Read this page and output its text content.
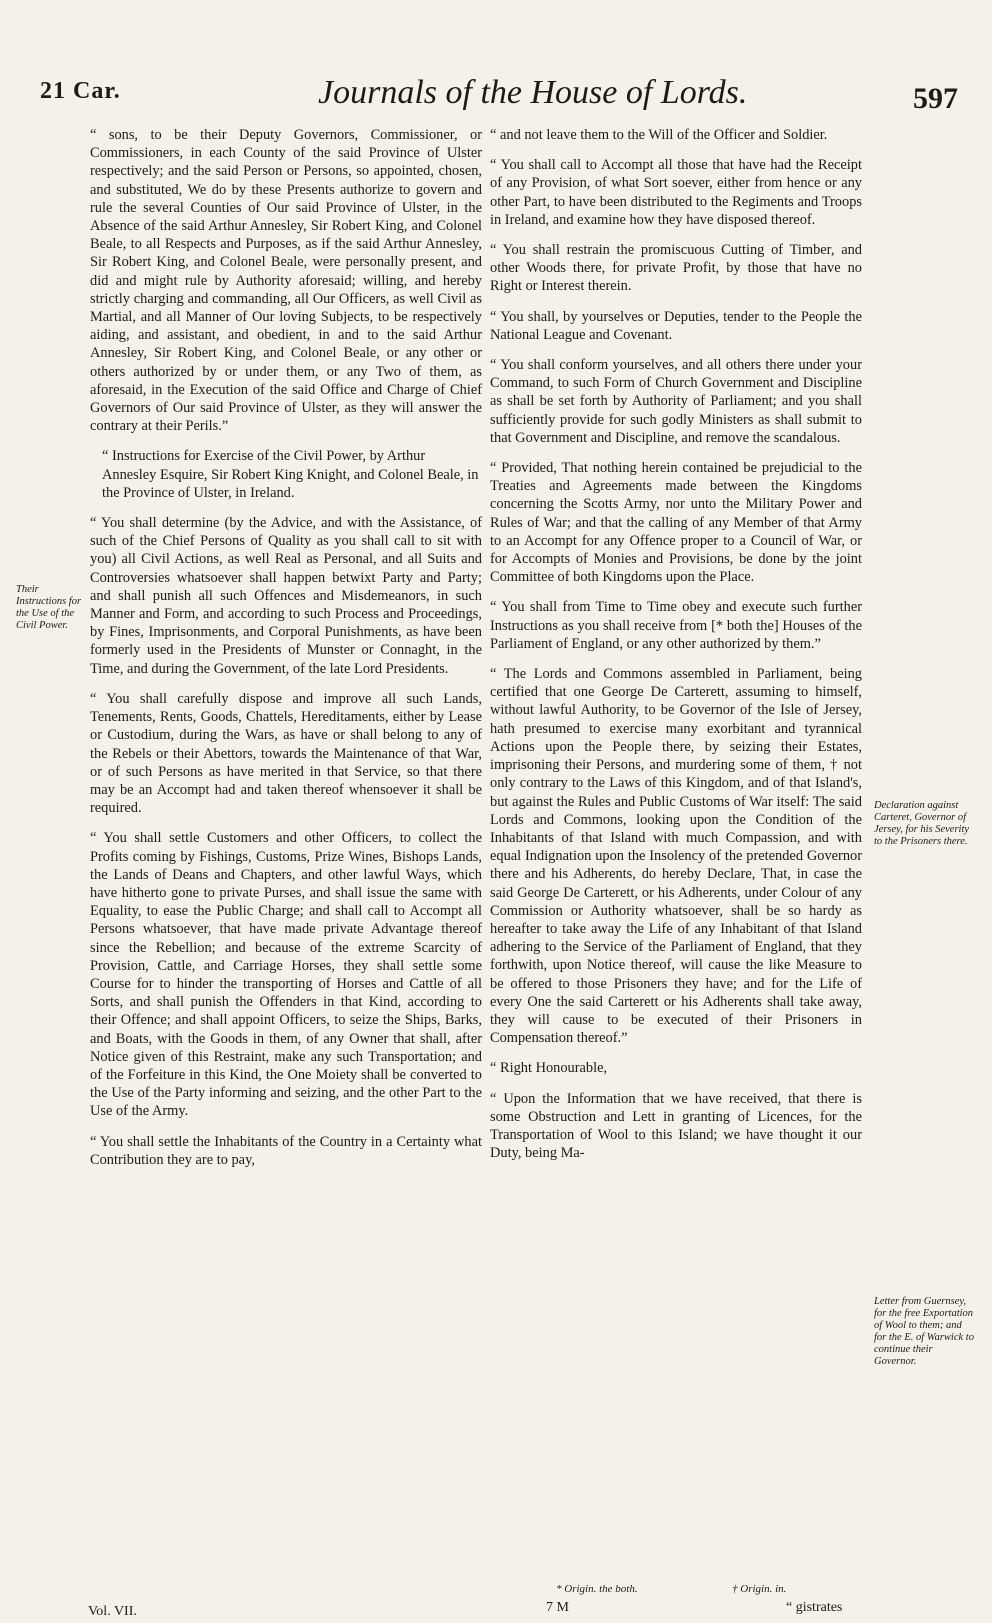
21 Car.	Journals of the House of Lords.	597

“ sons, to be their Deputy Governors, Commissioner, or Commissioners, in each County of the said Province of Ulster respectively; and the said Person or Persons, so appointed, chosen, and substituted, We do by these Presents authorize to govern and rule the several Counties of Our said Province of Ulster, in the Absence of the said Arthur Annesley, Sir Robert King, and Colonel Beale, to all Respects and Purposes, as if the said Arthur Annesley, Sir Robert King, and Colonel Beale, were personally present, and did and might rule by Authority aforesaid; willing, and hereby strictly charging and commanding, all Our Officers, as well Civil as Martial, and all Manner of Our loving Subjects, to be respectively aiding, and assistant, and obedient, in and to the said Arthur Annesley, Sir Robert King, and Colonel Beale, or any other or others authorized by or under them, or any Two of them, as aforesaid, in the Execution of the said Office and Charge of Chief Governors of Our said Province of Ulster, as they will answer the contrary at their Perils.”

“ Instructions for Exercise of the Civil Power, by Arthur Annesley Esquire, Sir Robert King Knight, and Colonel Beale, in the Province of Ulster, in Ireland.

“ You shall determine (by the Advice, and with the Assistance, of such of the Chief Persons of Quality as you shall call to sit with you) all Civil Actions, as well Real as Personal, and all Suits and Controversies whatsoever shall happen betwixt Party and Party; and shall punish all such Offences and Misdemeanors, in such Manner and Form, and according to such Process and Proceedings, by Fines, Imprisonments, and Corporal Punishments, as have been formerly used in the Presidents of Munster or Connaght, in the Time, and during the Government, of the late Lord Presidents.

“ You shall carefully dispose and improve all such Lands, Tenements, Rents, Goods, Chattels, Hereditaments, either by Lease or Custodium, during the Wars, as have or shall belong to any of the Rebels or their Abettors, towards the Maintenance of that War, or of such Persons as have merited in that Service, so that there may be an Accompt had and taken thereof whensoever it shall be required.

“ You shall settle Customers and other Officers, to collect the Profits coming by Fishings, Customs, Prize Wines, Bishops Lands, the Lands of Deans and Chapters, and other lawful Ways, which have hitherto gone to private Purses, and shall issue the same with Equality, to ease the Public Charge; and shall call to Accompt all Persons whatsoever, that have made private Advantage thereof since the Rebellion; and because of the extreme Scarcity of Provision, Cattle, and Carriage Horses, they shall settle some Course for to hinder the transporting of Horses and Cattle of all Sorts, and shall punish the Offenders in that Kind, according to their Offence; and shall appoint Officers, to seize the Ships, Barks, and Boats, with the Goods in them, of any Owner that shall, after Notice given of this Restraint, make any such Transportation; and of the Forfeiture in this Kind, the One Moiety shall be converted to the Use of the Party informing and seizing, and the other Part to the Use of the Army.

“ You shall settle the Inhabitants of the Country in a Certainty what Contribution they are to pay,

“ and not leave them to the Will of the Officer and Soldier.

“ You shall call to Accompt all those that have had the Receipt of any Provision, of what Sort soever, either from hence or any other Part, to have been distributed to the Regiments and Troops in Ireland, and examine how they have disposed thereof.

“ You shall restrain the promiscuous Cutting of Timber, and other Woods there, for private Profit, by those that have no Right or Interest therein.

“ You shall, by yourselves or Deputies, tender to the People the National League and Covenant.

“ You shall conform yourselves, and all others there under your Command, to such Form of Church Government and Discipline as shall be set forth by Authority of Parliament; and you shall sufficiently provide for such godly Ministers as shall submit to that Government and Discipline, and remove the scandalous.

“ Provided, That nothing herein contained be prejudicial to the Treaties and Agreements made between the Kingdoms concerning the Scotts Army, nor unto the Military Power and Rules of War; and that the calling of any Member of that Army to an Accompt for any Offence proper to a Council of War, or for Accompts of Monies and Provisions, be done by the joint Committee of both Kingdoms upon the Place.

“ You shall from Time to Time obey and execute such further Instructions as you shall receive from [* both the] Houses of the Parliament of England, or any other authorized by them.”

“ The Lords and Commons assembled in Parliament, being certified that one George De Carterett, assuming to himself, without lawful Authority, to be Governor of the Isle of Jersey, hath presumed to exercise many exorbitant and tyrannical Actions upon the People there, by seizing their Estates, imprisoning their Persons, and murdering some of them, † not only contrary to the Laws of this Kingdom, and of that Island's, but against the Rules and Public Customs of War itself: The said Lords and Commons, looking upon the Condition of the Inhabitants of that Island with much Compassion, and with equal Indignation upon the Insolency of the pretended Governor there and his Adherents, do hereby Declare, That, in case the said George De Carterett, or his Adherents, under Colour of any Commission or Authority whatsoever, shall be so hardy as hereafter to take away the Life of any Inhabitant of that Island adhering to the Service of the Parliament of England, that they forthwith, upon Notice thereof, will cause the like Measure to be offered to those Prisoners they have; and for the Life of every One the said Carterett or his Adherents shall take away, they will cause to be executed of their Prisoners in Compensation thereof.”

“ Right Honourable,

“ Upon the Information that we have received, that there is some Obstruction and Lett in granting of Licences, for the Transportation of Wool to this Island; we have thought it our Duty, being Ma-

Their Instructions for the Use of the Civil Power.
Declaration against Carteret, Governor of Jersey, for his Severity to the Prisoners there.
Letter from Guernsey, for the free Exportation of Wool to them; and for the E. of Warwick to continue their Governor.
* Origin. the both.	† Origin. in.
Vol. VII.	7 M	“ gistrates
